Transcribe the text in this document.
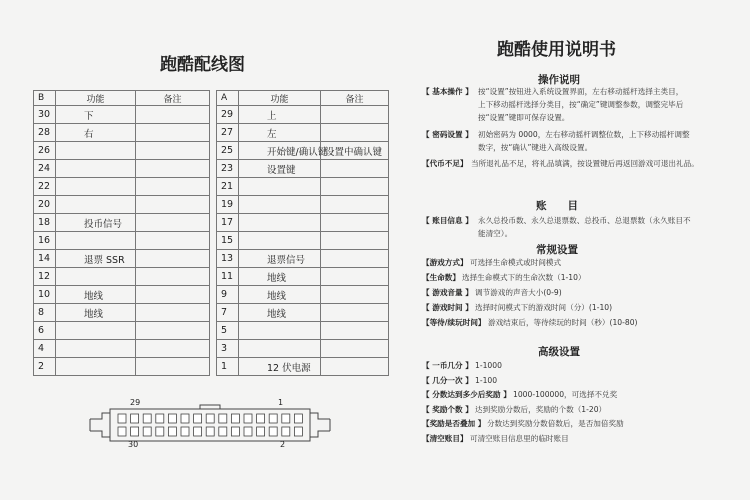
跑酷配线图
B	功能	备注
30	下	
28	右	
26		
24		
22		
20		
18	投币信号	
16		
14	退票 SSR	
12		
10	地线	
8	地线	
6		
4		
2		
A	功能	备注
29	上	
27	左	
25	开始键/确认键	设置中确认键
23	设置键	
21		
19		
17		
15		
13	退票信号	
11	地线	
9	地线	
7	地线	
5		
3		
1	12 伏电源	
29	1
30	2
跑酷使用说明书
操作说明
【 基本操作 】 按“设置”按钮进入系统设置界面，左右移动摇杆选择主类目，
上下移动摇杆选择分类目，按“确定”键调整参数，调整完毕后
按“设置”键即可保存设置。
【 密码设置 】 初始密码为 0000，左右移动摇杆调整位数，上下移动摇杆调整
数字，按“确认”键进入高级设置。
【代币不足】 当所退礼品不足，将礼品填满，按设置键后再返回游戏可退出礼品。
账　　目
【 账目信息 】 永久总投币数、永久总退票数、总投币、总退票数（永久账目不
能清空）。
常规设置
【游戏方式】 可选择生命模式或时间模式
【生命数】 选择生命模式下的生命次数（1-10）
【 游戏音量 】 调节游戏的声音大小(0-9)
【 游戏时间 】 选择时间模式下的游戏时间（分）(1-10)
【等待/续玩时间】 游戏结束后，等待续玩的时间（秒）(10-80)
高级设置
【 一币几分 】 1-1000
【 几分一次 】 1-100
【 分数达到多少后奖励 】 1000-100000，可选择不兑奖
【 奖励个数 】 达到奖励分数后，奖励的个数（1-20）
【奖励是否叠加 】 分数达到奖励分数倍数后，是否加倍奖励
【清空账目】 可清空账目信息里的临时账目
